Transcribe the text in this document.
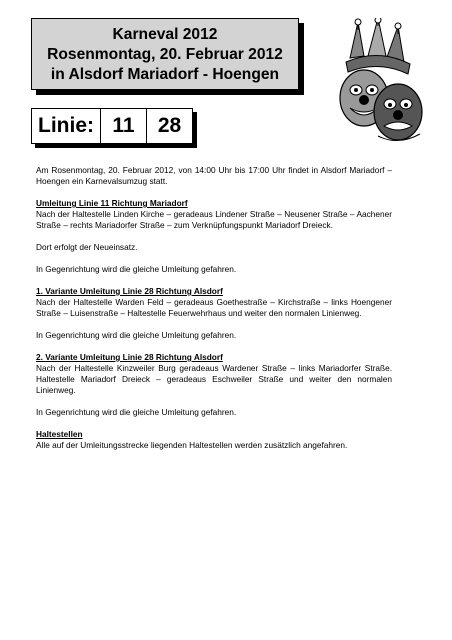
Karneval 2012
Rosenmontag, 20. Februar 2012
in Alsdorf Mariadorf - Hoengen
Linie: 11	28

Am Rosenmontag, 20. Februar 2012, von 14:00 Uhr bis 17:00 Uhr findet in Alsdorf Mariadorf – Hoengen ein Karnevalsumzug statt.

Umleitung Linie 11 Richtung Mariadorf
Nach der Haltestelle Linden Kirche – geradeaus Lindener Straße – Neusener Straße – Aachener Straße – rechts Mariadorfer Straße – zum Verknüpfungspunkt Mariadorf Dreieck.

Dort erfolgt der Neueinsatz.

In Gegenrichtung wird die gleiche Umleitung gefahren.

1. Variante Umleitung Linie 28 Richtung Alsdorf
Nach der Haltestelle Warden Feld – geradeaus Goethestraße – Kirchstraße – links Hoengener Straße – Luisenstraße – Haltestelle Feuerwehrhaus und weiter den normalen Linienweg.

In Gegenrichtung wird die gleiche Umleitung gefahren.

2. Variante Umleitung Linie 28 Richtung Alsdorf
Nach der Haltestelle Kinzweiler Burg geradeaus Wardener Straße – links Mariadorfer Straße. Haltestelle Mariadorf Dreieck – geradeaus Eschweiler Straße und weiter den normalen Linienweg.

In Gegenrichtung wird die gleiche Umleitung gefahren.

Haltestellen
Alle auf der Umleitungsstrecke liegenden Haltestellen werden zusätzlich angefahren.
